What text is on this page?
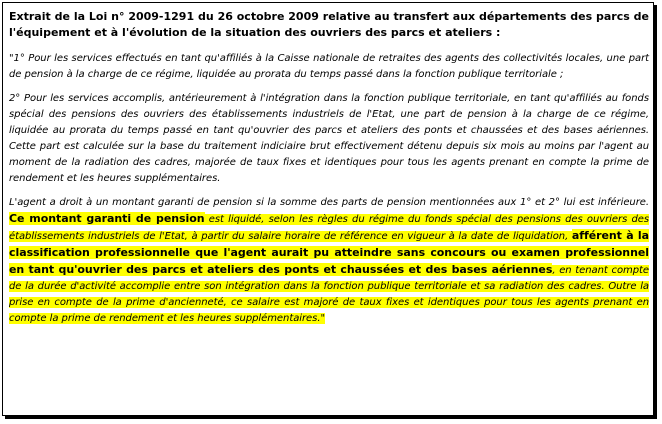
Extrait de la Loi n° 2009-1291 du 26 octobre 2009 relative au transfert aux départements des parcs de l'équipement et à l'évolution de la situation des ouvriers des parcs et ateliers :

"1° Pour les services effectués en tant qu'affiliés à la Caisse nationale de retraites des agents des collectivités locales, une part de pension à la charge de ce régime, liquidée au prorata du temps passé dans la fonction publique territoriale ;

2° Pour les services accomplis, antérieurement à l'intégration dans la fonction publique territoriale, en tant qu'affiliés au fonds spécial des pensions des ouvriers des établissements industriels de l'Etat, une part de pension à la charge de ce régime, liquidée au prorata du temps passé en tant qu'ouvrier des parcs et ateliers des ponts et chaussées et des bases aériennes. Cette part est calculée sur la base du traitement indiciaire brut effectivement détenu depuis six mois au moins par l'agent au moment de la radiation des cadres, majorée de taux fixes et identiques pour tous les agents prenant en compte la prime de rendement et les heures supplémentaires.

L'agent a droit à un montant garanti de pension si la somme des parts de pension mentionnées aux 1° et 2° lui est inférieure. Ce montant garanti de pension est liquidé, selon les règles du régime du fonds spécial des pensions des ouvriers des établissements industriels de l'Etat, à partir du salaire horaire de référence en vigueur à la date de liquidation, afférent à la classification professionnelle que l'agent aurait pu atteindre sans concours ou examen professionnel en tant qu'ouvrier des parcs et ateliers des ponts et chaussées et des bases aériennes, en tenant compte de la durée d'activité accomplie entre son intégration dans la fonction publique territoriale et sa radiation des cadres. Outre la prise en compte de la prime d'ancienneté, ce salaire est majoré de taux fixes et identiques pour tous les agents prenant en compte la prime de rendement et les heures supplémentaires."
